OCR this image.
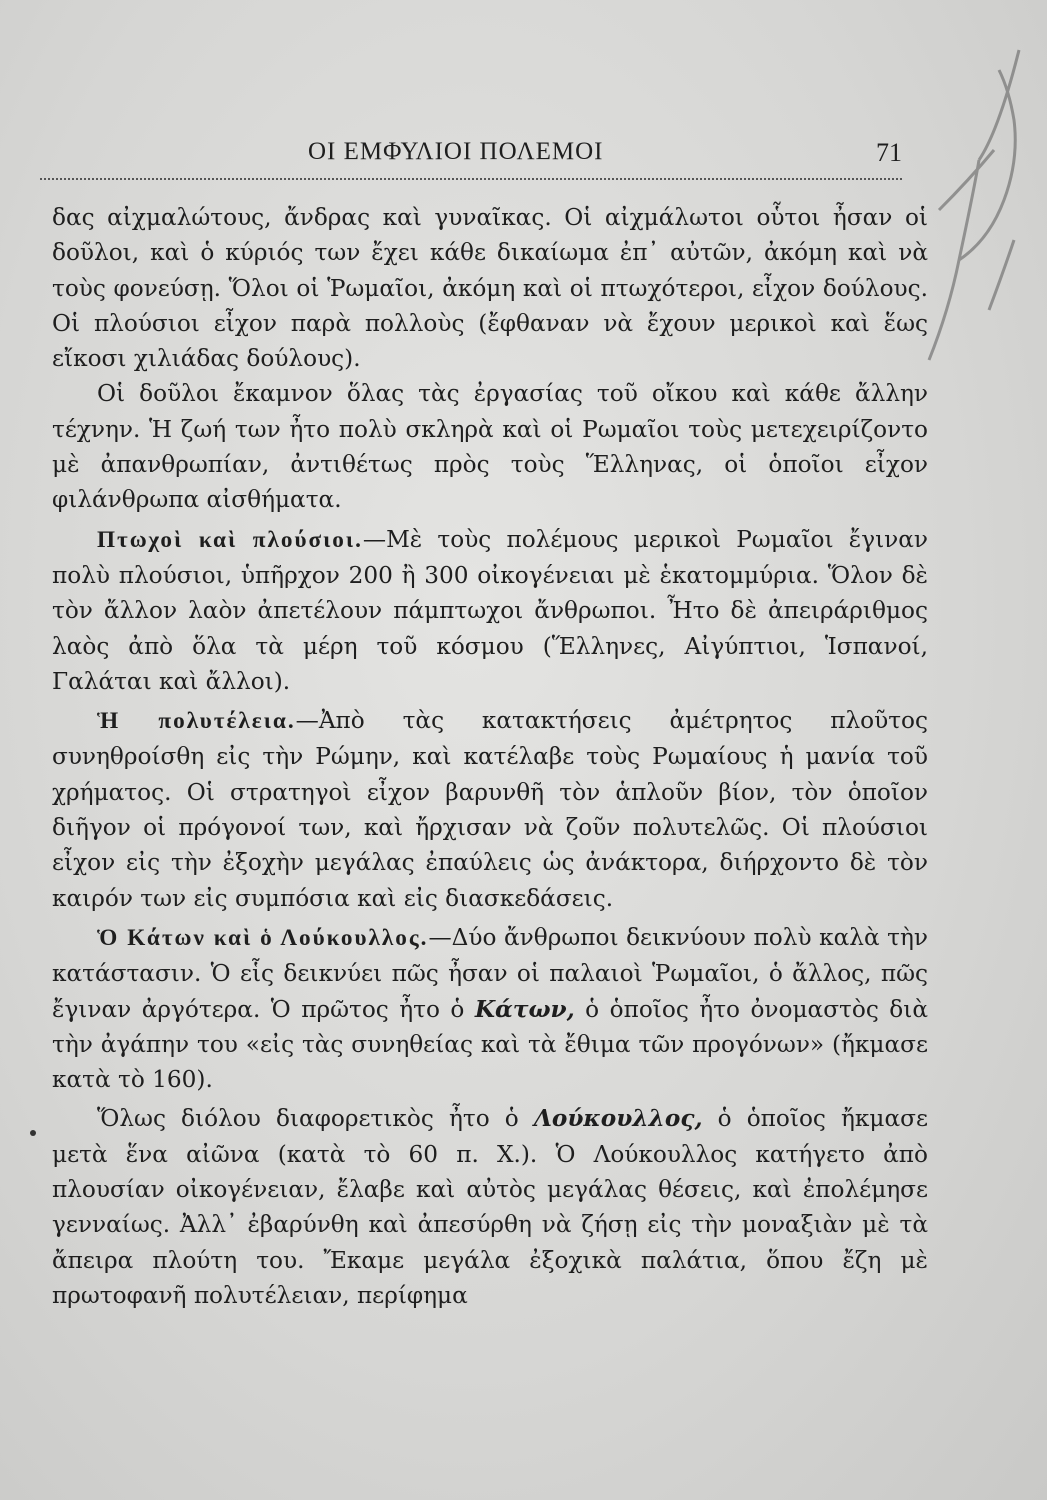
ΟΙ ΕΜΦΥΛΙΟΙ ΠΟΛΕΜΟΙ	71

δας αἰχμαλώτους, ἄνδρας καὶ γυναῖκας. Οἱ αἰχμάλωτοι οὗτοι ἦσαν οἱ δοῦλοι, καὶ ὁ κύριός των ἔχει κάθε δικαίωμα ἐπ᾿ αὐτῶν, ἀκόμη καὶ νὰ τοὺς φονεύσῃ. Ὅλοι οἱ Ῥωμαῖοι, ἀκόμη καὶ οἱ πτωχότεροι, εἶχον δούλους. Οἱ πλούσιοι εἶχον παρὰ πολλοὺς (ἔφθαναν νὰ ἔχουν μερικοὶ καὶ ἕως εἴκοσι χιλιάδας δούλους).

Οἱ δοῦλοι ἔκαμνον ὅλας τὰς ἐργασίας τοῦ οἴκου καὶ κάθε ἄλλην τέχνην. Ἡ ζωή των ἦτο πολὺ σκληρὰ καὶ οἱ Ρωμαῖοι τοὺς μετεχειρίζοντο μὲ ἀπανθρωπίαν, ἀντιθέτως πρὸς τοὺς Ἕλληνας, οἱ ὁποῖοι εἶχον φιλάνθρωπα αἰσθήματα.

Πτωχοὶ καὶ πλούσιοι.—Μὲ τοὺς πολέμους μερικοὶ Ρωμαῖοι ἔγιναν πολὺ πλούσιοι, ὑπῆρχον 200 ἢ 300 οἰκογένειαι μὲ ἑκατομμύρια. Ὅλον δὲ τὸν ἄλλον λαὸν ἀπετέλουν πάμπτωχοι ἄνθρωποι. Ἦτο δὲ ἀπειράριθμος λαὸς ἀπὸ ὅλα τὰ μέρη τοῦ κόσμου (Ἕλληνες, Αἰγύπτιοι, Ἱσπανοί, Γαλάται καὶ ἄλλοι).

Ἡ πολυτέλεια.—Ἀπὸ τὰς κατακτήσεις ἀμέτρητος πλοῦτος συνηθροίσθη εἰς τὴν Ρώμην, καὶ κατέλαβε τοὺς Ρωμαίους ἡ μανία τοῦ χρήματος. Οἱ στρατηγοὶ εἶχον βαρυνθῆ τὸν ἁπλοῦν βίον, τὸν ὁποῖον διῆγον οἱ πρόγονοί των, καὶ ἤρχισαν νὰ ζοῦν πολυτελῶς. Οἱ πλούσιοι εἶχον εἰς τὴν ἐξοχὴν μεγάλας ἐπαύλεις ὡς ἀνάκτορα, διήρχοντο δὲ τὸν καιρόν των εἰς συμπόσια καὶ εἰς διασκεδάσεις.

Ὁ Κάτων καὶ ὁ Λούκουλλος.—Δύο ἄνθρωποι δεικνύουν πολὺ καλὰ τὴν κατάστασιν. Ὁ εἷς δεικνύει πῶς ἦσαν οἱ παλαιοὶ Ῥωμαῖοι, ὁ ἄλλος, πῶς ἔγιναν ἀργότερα. Ὁ πρῶτος ἦτο ὁ Κάτων, ὁ ὁποῖος ἦτο ὀνομαστὸς διὰ τὴν ἀγάπην του «εἰς τὰς συνηθείας καὶ τὰ ἔθιμα τῶν προγόνων» (ἤκμασε κατὰ τὸ 160).

Ὅλως διόλου διαφορετικὸς ἦτο ὁ Λούκουλλος, ὁ ὁποῖος ἤκμασε μετὰ ἕνα αἰῶνα (κατὰ τὸ 60 π. Χ.). Ὁ Λούκουλλος κατήγετο ἀπὸ πλουσίαν οἰκογένειαν, ἔλαβε καὶ αὐτὸς μεγάλας θέσεις, καὶ ἐπολέμησε γενναίως. Ἀλλ᾿ ἐβαρύνθη καὶ ἀπεσύρθη νὰ ζήσῃ εἰς τὴν μοναξιὰν μὲ τὰ ἄπειρα πλούτη του. Ἔκαμε μεγάλα ἐξοχικὰ παλάτια, ὅπου ἔζη μὲ πρωτοφανῆ πολυτέλειαν, περίφημα
